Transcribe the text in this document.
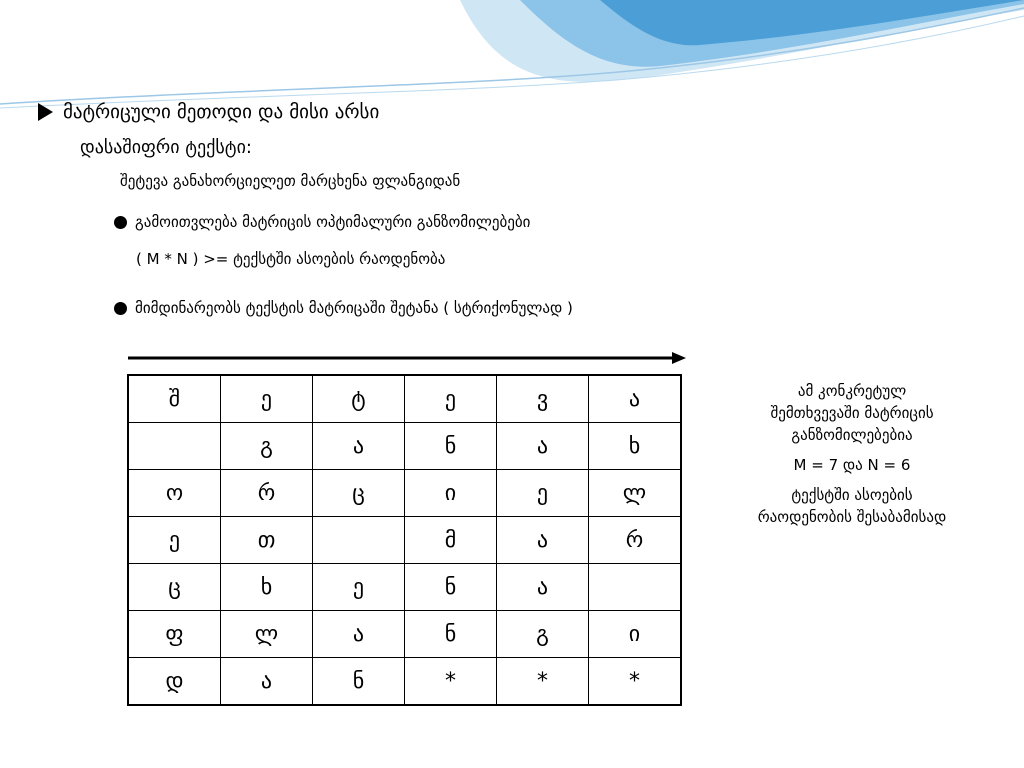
მატრიცული მეთოდი და მისი არსი
დასაშიფრი ტექსტი:
შეტევა განახორციელეთ მარცხენა ფლანგიდან
გამოითვლება მატრიცის ოპტიმალური განზომილებები
( M * N ) >= ტექსტში ასოების რაოდენობა
მიმდინარეობს ტექსტის მატრიცაში შეტანა ( სტრიქონულად )
შ	ე	ტ	ე	ვ	ა
	გ	ა	ნ	ა	ხ
ო	რ	ც	ი	ე	ლ
ე	თ		მ	ა	რ
ც	ხ	ე	ნ	ა	
ფ	ლ	ა	ნ	გ	ი
დ	ა	ნ	*	*	*
ამ კონკრეტულ
შემთხვევაში მატრიცის
განზომილებებია
M = 7 და N = 6
ტექსტში ასოების
რაოდენობის შესაბამისად
